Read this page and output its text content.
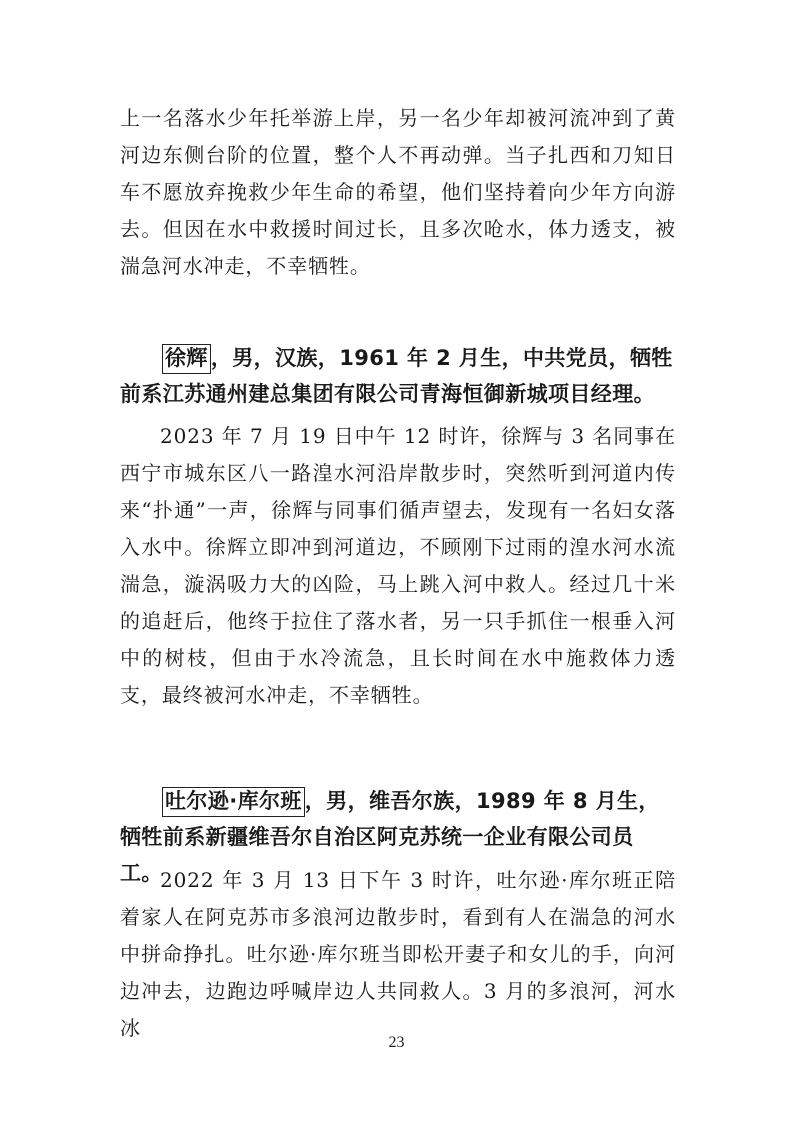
上一名落水少年托举游上岸，另一名少年却被河流冲到了黄河边东侧台阶的位置，整个人不再动弹。当子扎西和刀知日车不愿放弃挽救少年生命的希望，他们坚持着向少年方向游去。但因在水中救援时间过长，且多次呛水，体力透支，被湍急河水冲走，不幸牺牲。

徐辉 ，男，汉族，1961 年 2 月生，中共党员，牺牲前系江苏通州建总集团有限公司青海恒御新城项目经理。

2023 年 7 月 19 日中午 12 时许，徐辉与 3 名同事在西宁市城东区八一路湟水河沿岸散步时，突然听到河道内传来“扑通”一声，徐辉与同事们循声望去，发现有一名妇女落入水中。徐辉立即冲到河道边，不顾刚下过雨的湟水河水流湍急，漩涡吸力大的凶险，马上跳入河中救人。经过几十米的追赶后，他终于拉住了落水者，另一只手抓住一根垂入河中的树枝，但由于水冷流急，且长时间在水中施救体力透支，最终被河水冲走，不幸牺牲。

吐尔逊·库尔班 ，男，维吾尔族，1989 年 8 月生，牺牲前系新疆维吾尔自治区阿克苏统一企业有限公司员工。

2022 年 3 月 13 日下午 3 时许，吐尔逊·库尔班正陪着家人在阿克苏市多浪河边散步时，看到有人在湍急的河水中拼命挣扎。吐尔逊·库尔班当即松开妻子和女儿的手，向河边冲去，边跑边呼喊岸边人共同救人。3 月的多浪河，河水冰

23
